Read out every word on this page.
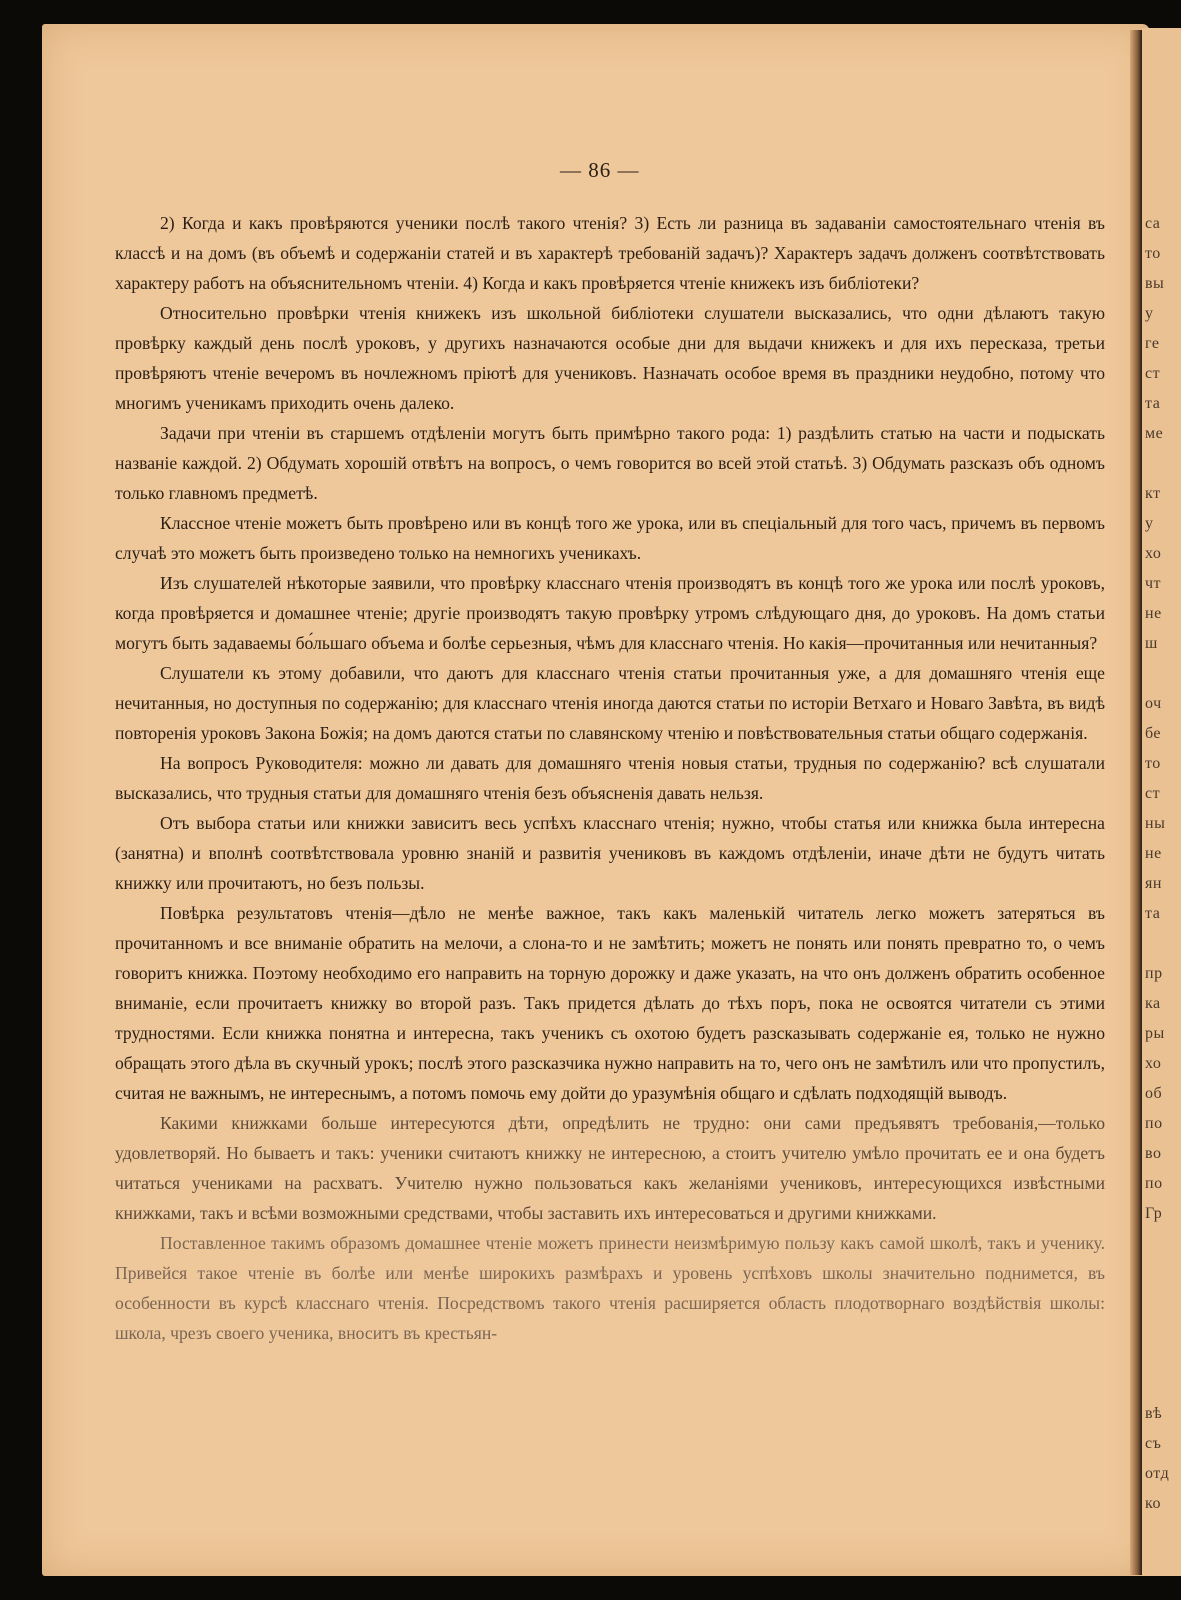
са
то
вы
у
ге
ст
та
ме
кт
у
хо
чт
не
ш
оч
бе
то
ст
ны
не
ян
та
пр
ка
ры
хо
об
по
во
по
Гр
вѣ
съ
отд
ко
— 86 —

2) Когда и какъ провѣряются ученики послѣ такого чтенія? 3) Есть ли разница въ задаваніи самостоятельнаго чтенія въ классѣ и на домъ (въ объемѣ и содержаніи статей и въ характерѣ требованій задачъ)? Характеръ задачъ долженъ соотвѣтствовать характеру работъ на объяснительномъ чтеніи. 4) Когда и какъ провѣряется чтеніе книжекъ изъ библіотеки?

Относительно провѣрки чтенія книжекъ изъ школьной библіотеки слушатели высказались, что одни дѣлаютъ такую провѣрку каждый день послѣ уроковъ, у другихъ назначаются особые дни для выдачи книжекъ и для ихъ пересказа, третьи провѣряютъ чтеніе вечеромъ въ ночлежномъ пріютѣ для учениковъ. Назначать особое время въ праздники неудобно, потому что многимъ ученикамъ приходить очень далеко.

Задачи при чтеніи въ старшемъ отдѣленіи могутъ быть примѣрно такого рода: 1) раздѣлить статью на части и подыскать названіе каждой. 2) Обдумать хорошій отвѣтъ на вопросъ, о чемъ говорится во всей этой статьѣ. 3) Обдумать разсказъ объ одномъ только главномъ предметѣ.

Классное чтеніе можетъ быть провѣрено или въ концѣ того же урока, или въ спеціальный для того часъ, причемъ въ первомъ случаѣ это можетъ быть произведено только на немногихъ ученикахъ.

Изъ слушателей нѣкоторые заявили, что провѣрку класснаго чтенія производятъ въ концѣ того же урока или послѣ уроковъ, когда провѣряется и домашнее чтеніе; другіе производятъ такую провѣрку утромъ слѣдующаго дня, до уроковъ. На домъ статьи могутъ быть задаваемы бо́льшаго объема и болѣе серьезныя, чѣмъ для класснаго чтенія. Но какія—прочитанныя или нечитанныя?

Слушатели къ этому добавили, что даютъ для класснаго чтенія статьи прочитанныя уже, а для домашняго чтенія еще нечитанныя, но доступныя по содержанію; для класснаго чтенія иногда даются статьи по исторіи Ветхаго и Новаго Завѣта, въ видѣ повторенія уроковъ Закона Божія; на домъ даются статьи по славянскому чтенію и повѣствовательныя статьи общаго содержанія.

На вопросъ Руководителя: можно ли давать для домашняго чтенія новыя статьи, трудныя по содержанію? всѣ слушатали высказались, что трудныя статьи для домашняго чтенія безъ объясненія давать нельзя.

Отъ выбора статьи или книжки зависитъ весь успѣхъ класснаго чтенія; нужно, чтобы статья или книжка была интересна (занятна) и вполнѣ соотвѣтствовала уровню знаній и развитія учениковъ въ каждомъ отдѣленіи, иначе дѣти не будутъ читать книжку или прочитаютъ, но безъ пользы.

Повѣрка результатовъ чтенія—дѣло не менѣе важное, такъ какъ маленькій читатель легко можетъ затеряться въ прочитанномъ и все вниманіе обратить на мелочи, а слона-то и не замѣтить; можетъ не понять или понять превратно то, о чемъ говоритъ книжка. Поэтому необходимо его направить на торную дорожку и даже указать, на что онъ долженъ обратить особенное вниманіе, если прочитаетъ книжку во второй разъ. Такъ придется дѣлать до тѣхъ поръ, пока не освоятся читатели съ этими трудностями. Если книжка понятна и интересна, такъ ученикъ съ охотою будетъ разсказывать содержаніе ея, только не нужно обращать этого дѣла въ скучный урокъ; послѣ этого разсказчика нужно направить на то, чего онъ не замѣтилъ или что пропустилъ, считая не важнымъ, не интереснымъ, а потомъ помочь ему дойти до уразумѣнія общаго и сдѣлать подходящій выводъ.

Какими книжками больше интересуются дѣти, опредѣлить не трудно: они сами предъявятъ требованія,—только удовлетворяй. Но бываетъ и такъ: ученики считаютъ книжку не интересною, а стоитъ учителю умѣло прочитать ее и она будетъ читаться учениками на расхватъ. Учителю нужно пользоваться какъ желаніями учениковъ, интересующихся извѣстными книжками, такъ и всѣми возможными средствами, чтобы заставить ихъ интересоваться и другими книжками.

Поставленное такимъ образомъ домашнее чтеніе можетъ принести неизмѣримую пользу какъ самой школѣ, такъ и ученику. Привейся такое чтеніе въ болѣе или менѣе широкихъ размѣрахъ и уровень успѣховъ школы значительно поднимется, въ особенности въ курсѣ класснаго чтенія. Посредствомъ такого чтенія расширяется область плодотворнаго воздѣйствія школы: школа, чрезъ своего ученика, вноситъ въ крестьян-
